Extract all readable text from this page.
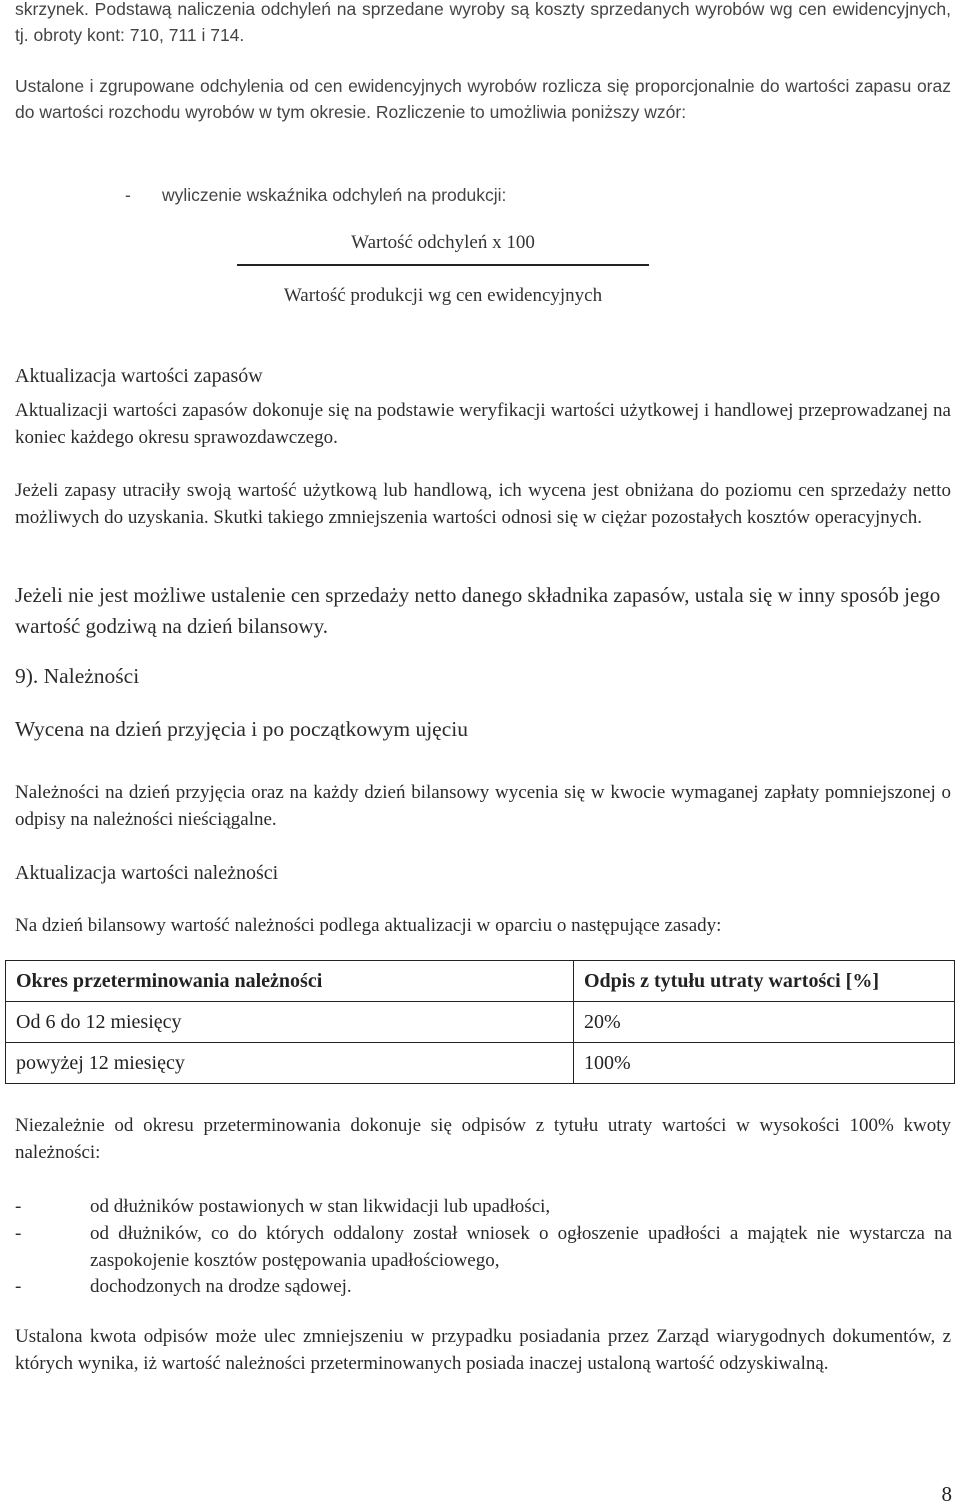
skrzynek. Podstawą naliczenia odchyleń na sprzedane wyroby są koszty sprzedanych wyrobów wg cen ewidencyjnych, tj. obroty kont: 710, 711 i 714.

Ustalone i zgrupowane odchylenia od cen ewidencyjnych wyrobów rozlicza się proporcjonalnie do wartości zapasu oraz do wartości rozchodu wyrobów w tym okresie. Rozliczenie to umożliwia poniższy wzór:

- wyliczenie wskaźnika odchyleń na produkcji:
Wartość odchyleń x 100
Wartość produkcji wg cen ewidencyjnych
Aktualizacja wartości zapasów

Aktualizacji wartości zapasów dokonuje się na podstawie weryfikacji wartości użytkowej i handlowej przeprowadzanej na koniec każdego okresu sprawozdawczego.

Jeżeli zapasy utraciły swoją wartość użytkową lub handlową, ich wycena jest obniżana do poziomu cen sprzedaży netto możliwych do uzyskania. Skutki takiego zmniejszenia wartości odnosi się w ciężar pozostałych kosztów operacyjnych.

Jeżeli nie jest możliwe ustalenie cen sprzedaży netto danego składnika zapasów, ustala się w inny sposób jego wartość godziwą na dzień bilansowy.

9). Należności
Wycena na dzień przyjęcia i po początkowym ujęciu

Należności na dzień przyjęcia oraz na każdy dzień bilansowy wycenia się w kwocie wymaganej zapłaty pomniejszonej o odpisy na należności nieściągalne.

Aktualizacja wartości należności

Na dzień bilansowy wartość należności podlega aktualizacji w oparciu o następujące zasady:

Okres przeterminowania należności	Odpis z tytułu utraty wartości [%]
Od 6 do 12 miesięcy	20%
powyżej 12 miesięcy	100%

Niezależnie od okresu przeterminowania dokonuje się odpisów z tytułu utraty wartości w wysokości 100% kwoty należności:

-	od dłużników postawionych w stan likwidacji lub upadłości,
-	od dłużników, co do których oddalony został wniosek o ogłoszenie upadłości a majątek nie wystarcza na zaspokojenie kosztów postępowania upadłościowego,
-	dochodzonych na drodze sądowej.

Ustalona kwota odpisów może ulec zmniejszeniu w przypadku posiadania przez Zarząd wiarygodnych dokumentów, z których wynika, iż wartość należności przeterminowanych posiada inaczej ustaloną wartość odzyskiwalną.

8
